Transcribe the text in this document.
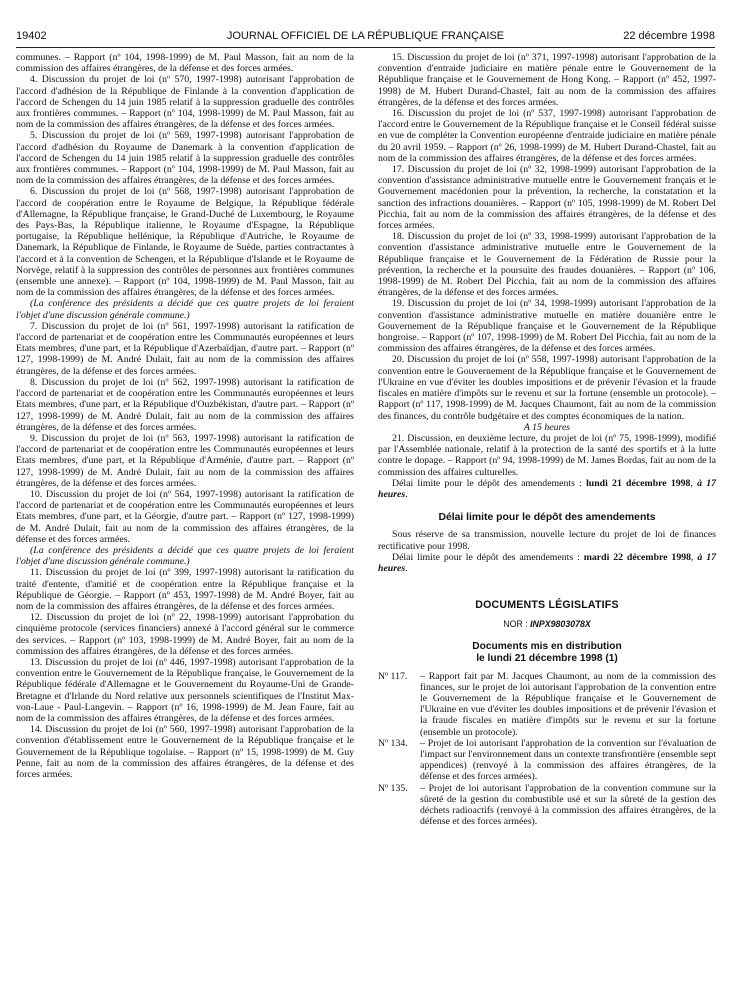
19402	JOURNAL OFFICIEL DE LA RÉPUBLIQUE FRANÇAISE	22 décembre 1998

communes. – Rapport (nº 104, 1998-1999) de M. Paul Masson, fait au nom de la commission des affaires étrangères, de la défense et des forces armées.

4. Discussion du projet de loi (nº 570, 1997-1998) autorisant l'approbation de l'accord d'adhésion de la République de Finlande à la convention d'application de l'accord de Schengen du 14 juin 1985 relatif à la suppression graduelle des contrôles aux frontières communes. – Rapport (nº 104, 1998-1999) de M. Paul Masson, fait au nom de la commission des affaires étrangères, de la défense et des forces armées.

5. Discussion du projet de loi (nº 569, 1997-1998) autorisant l'approbation de l'accord d'adhésion du Royaume de Danemark à la convention d'application de l'accord de Schengen du 14 juin 1985 relatif à la suppression graduelle des contrôles aux frontières communes. – Rapport (nº 104, 1998-1999) de M. Paul Masson, fait au nom de la commission des affaires étrangères, de la défense et des forces armées.

6. Discussion du projet de loi (nº 568, 1997-1998) autorisant l'approbation de l'accord de coopération entre le Royaume de Belgique, la République fédérale d'Allemagne, la République française, le Grand-Duché de Luxembourg, le Royaume des Pays-Bas, la République italienne, le Royaume d'Espagne, la République portugaise, la République hellénique, la République d'Autriche, le Royaume de Danemark, la République de Finlande, le Royaume de Suède, parties contractantes à l'accord et à la convention de Schengen, et la République d'Islande et le Royaume de Norvège, relatif à la suppression des contrôles de personnes aux frontières communes (ensemble une annexe). – Rapport (nº 104, 1998-1999) de M. Paul Masson, fait au nom de la commission des affaires étrangères, de la défense et des forces armées.

(La conférence des présidents a décidé que ces quatre projets de loi feraient l'objet d'une discussion générale commune.)

7. Discussion du projet de loi (nº 561, 1997-1998) autorisant la ratification de l'accord de partenariat et de coopération entre les Communautés européennes et leurs Etats membres, d'une part, et la République d'Azerbaïdjan, d'autre part. – Rapport (nº 127, 1998-1999) de M. André Dulait, fait au nom de la commission des affaires étrangères, de la défense et des forces armées.

8. Discussion du projet de loi (nº 562, 1997-1998) autorisant la ratification de l'accord de partenariat et de coopération entre les Communautés européennes et leurs Etats membres, d'une part, et la République d'Ouzbékistan, d'autre part. – Rapport (nº 127, 1998-1999) de M. André Dulait, fait au nom de la commission des affaires étrangères, de la défense et des forces armées.

9. Discussion du projet de loi (nº 563, 1997-1998) autorisant la ratification de l'accord de partenariat et de coopération entre les Communautés européennes et leurs Etats membres, d'une part, et la République d'Arménie, d'autre part. – Rapport (nº 127, 1998-1999) de M. André Dulait, fait au nom de la commission des affaires étrangères, de la défense et des forces armées.

10. Discussion du projet de loi (nº 564, 1997-1998) autorisant la ratification de l'accord de partenariat et de coopération entre les Communautés européennes et leurs Etats membres, d'une part, et la Géorgie, d'autre part. – Rapport (nº 127, 1998-1999) de M. André Dulait, fait au nom de la commission des affaires étrangères, de la défense et des forces armées.

(La conférence des présidents a décidé que ces quatre projets de loi feraient l'objet d'une discussion générale commune.)

11. Discussion du projet de loi (nº 399, 1997-1998) autorisant la ratification du traité d'entente, d'amitié et de coopération entre la République française et la République de Géorgie. – Rapport (nº 453, 1997-1998) de M. André Boyer, fait au nom de la commission des affaires étrangères, de la défense et des forces armées.

12. Discussion du projet de loi (nº 22, 1998-1999) autorisant l'approbation du cinquième protocole (services financiers) annexé à l'accord général sur le commerce des services. – Rapport (nº 103, 1998-1999) de M. André Boyer, fait au nom de la commission des affaires étrangères, de la défense et des forces armées.

13. Discussion du projet de loi (nº 446, 1997-1998) autorisant l'approbation de la convention entre le Gouvernement de la République française, le Gouvernement de la République fédérale d'Allemagne et le Gouvernement du Royaume-Uni de Grande-Bretagne et d'Irlande du Nord relative aux personnels scientifiques de l'Institut Max-von-Laue - Paul-Langevin. – Rapport (nº 16, 1998-1999) de M. Jean Faure, fait au nom de la commission des affaires étrangères, de la défense et des forces armées.

14. Discussion du projet de loi (nº 560, 1997-1998) autorisant l'approbation de la convention d'établissement entre le Gouvernement de la République française et le Gouvernement de la République togolaise. – Rapport (nº 15, 1998-1999) de M. Guy Penne, fait au nom de la commission des affaires étrangères, de la défense et des forces armées.

15. Discussion du projet de loi (nº 371, 1997-1998) autorisant l'approbation de la convention d'entraide judiciaire en matière pénale entre le Gouvernement de la République française et le Gouvernement de Hong Kong. – Rapport (nº 452, 1997-1998) de M. Hubert Durand-Chastel, fait au nom de la commission des affaires étrangères, de la défense et des forces armées.

16. Discussion du projet de loi (nº 537, 1997-1998) autorisant l'approbation de l'accord entre le Gouvernement de la République française et le Conseil fédéral suisse en vue de compléter la Convention européenne d'entraide judiciaire en matière pénale du 20 avril 1959. – Rapport (nº 26, 1998-1999) de M. Hubert Durand-Chastel, fait au nom de la commission des affaires étrangères, de la défense et des forces armées.

17. Discussion du projet de loi (nº 32, 1998-1999) autorisant l'approbation de la convention d'assistance administrative mutuelle entre le Gouvernement français et le Gouvernement macédonien pour la prévention, la recherche, la constatation et la sanction des infractions douanières. – Rapport (nº 105, 1998-1999) de M. Robert Del Picchia, fait au nom de la commission des affaires étrangères, de la défense et des forces armées.

18. Discussion du projet de loi (nº 33, 1998-1999) autorisant l'approbation de la convention d'assistance administrative mutuelle entre le Gouvernement de la République française et le Gouvernement de la Fédération de Russie pour la prévention, la recherche et la poursuite des fraudes douanières. – Rapport (nº 106, 1998-1999) de M. Robert Del Picchia, fait au nom de la commission des affaires étrangères, de la défense et des forces armées.

19. Discussion du projet de loi (nº 34, 1998-1999) autorisant l'approbation de la convention d'assistance administrative mutuelle en matière douanière entre le Gouvernement de la République française et le Gouvernement de la République hongroise. – Rapport (nº 107, 1998-1999) de M. Robert Del Picchia, fait au nom de la commission des affaires étrangères, de la défense et des forces armées.

20. Discussion du projet de loi (nº 558, 1997-1998) autorisant l'approbation de la convention entre le Gouvernement de la République française et le Gouvernement de l'Ukraine en vue d'éviter les doubles impositions et de prévenir l'évasion et la fraude fiscales en matière d'impôts sur le revenu et sur la fortune (ensemble un protocole). – Rapport (nº 117, 1998-1999) de M. Jacques Chaumont, fait au nom de la commission des finances, du contrôle budgétaire et des comptes économiques de la nation.

A 15 heures

21. Discussion, en deuxième lecture, du projet de loi (nº 75, 1998-1999), modifié par l'Assemblée nationale, relatif à la protection de la santé des sportifs et à la lutte contre le dopage. – Rapport (nº 94, 1998-1999) de M. James Bordas, fait au nom de la commission des affaires culturelles.

Délai limite pour le dépôt des amendements : lundi 21 décembre 1998, à 17 heures.

Délai limite pour le dépôt des amendements

Sous réserve de sa transmission, nouvelle lecture du projet de loi de finances rectificative pour 1998.

Délai limite pour le dépôt des amendements : mardi 22 décembre 1998, à 17 heures.

DOCUMENTS LÉGISLATIFS
NOR : INPX9803078X
Documents mis en distribution
le lundi 21 décembre 1998 (1)
Nº 117.	– Rapport fait par M. Jacques Chaumont, au nom de la commission des finances, sur le projet de loi autorisant l'approbation de la convention entre le Gouvernement de la République française et le Gouvernement de l'Ukraine en vue d'éviter les doubles impositions et de prévenir l'évasion et la fraude fiscales en matière d'impôts sur le revenu et sur la fortune (ensemble un protocole).
Nº 134.	– Projet de loi autorisant l'approbation de la convention sur l'évaluation de l'impact sur l'environnement dans un contexte transfrontière (ensemble sept appendices) (renvoyé à la commission des affaires étrangères, de la défense et des forces armées).
Nº 135.	– Projet de loi autorisant l'approbation de la convention commune sur la sûreté de la gestion du combustible usé et sur la sûreté de la gestion des déchets radioactifs (renvoyé à la commission des affaires étrangères, de la défense et des forces armées).
